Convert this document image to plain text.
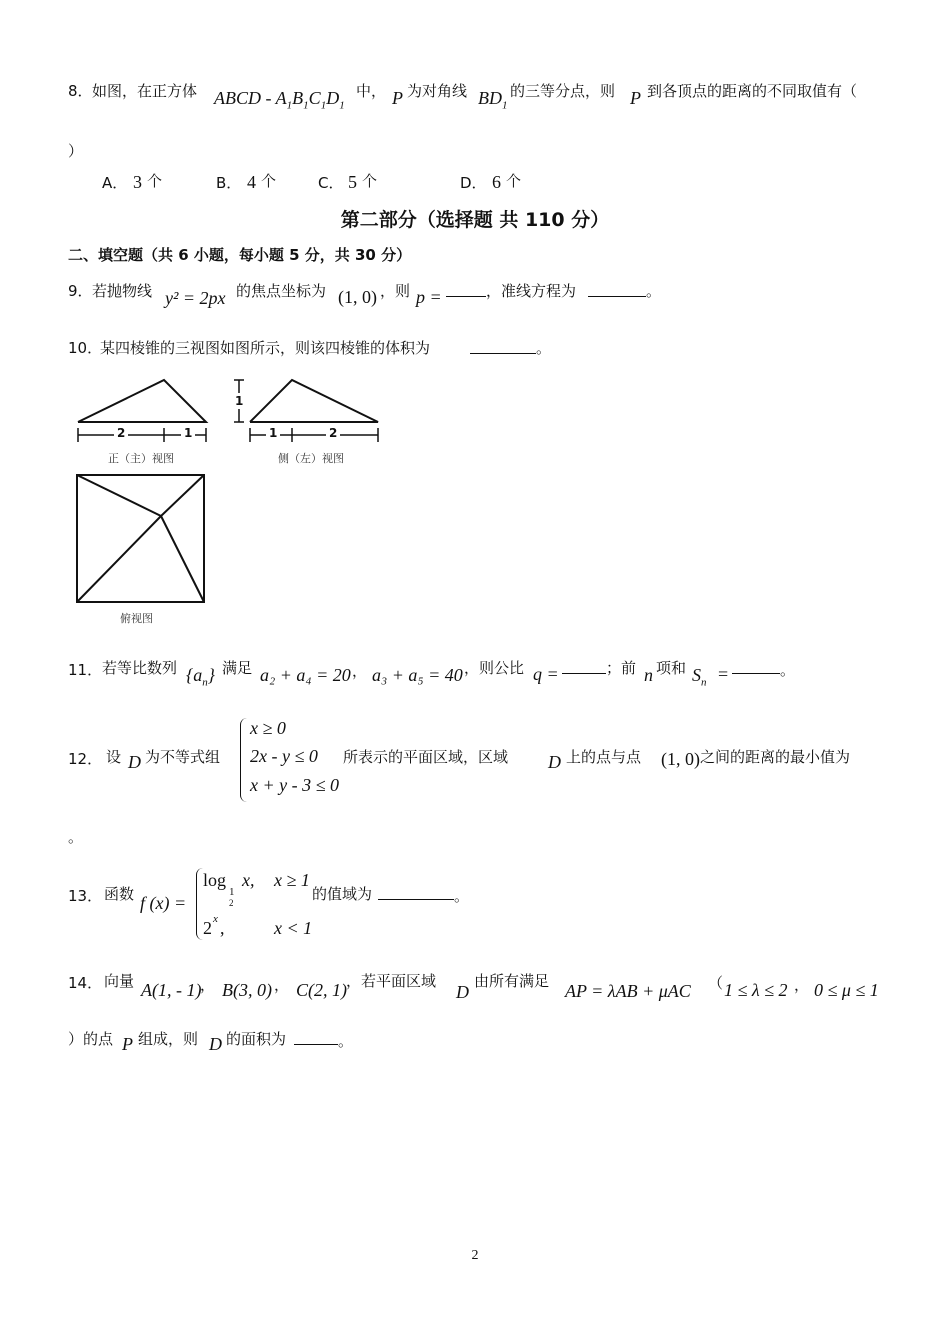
8． 如图，在正方体 ABCD - $A_1B_1C_1D_1$
中， P 为对角线 $BD_1$
的三等分点，则 P 到各顶点的距离的不同取值有（
）
A． 3 个	B． 4 个	C． 5 个	D． 6 个
第二部分（选择题 共 110 分）
二、填空题（共 6 小题，每小题 5 分，共 30 分）
9． 若抛物线 y² = 2px 的焦点坐标为 (1, 0) ，则 p =	，准线方程为	。
10．
某四棱锥的三视图如图所示，则该四棱锥的体积为	。
2	1
正（主）视图
1
1	2
侧（左）视图
俯视图
11． 若等比数列 $\{a_n\}$ 满足 a₂ + a₄ = 20 ， a₃ + a₅ = 40 ，则公比 q =	；前 n 项和 $S_n$ =	。
12． 设 D 为不等式组
x ≥ 0
2x - y ≤ 0
x + y - 3 ≤ 0
所表示的平面区域，区域 D 上的点与点 (1, 0) 之间的距离的最小值为
。
13． 函数 f (x) =
log
1
2
x, x ≥ 1
2 x ,	x < 1
的值域为	。
14． 向量 A(1, - 1)
， B(3, 0) ， C(2, 1) ，若平面区域
D
由所有满足 AP = λAB + μAC （ 1 ≤ λ ≤ 2 ， 0 ≤ μ ≤ 1
）的点 P 组成，则 D 的面积为	。
2
